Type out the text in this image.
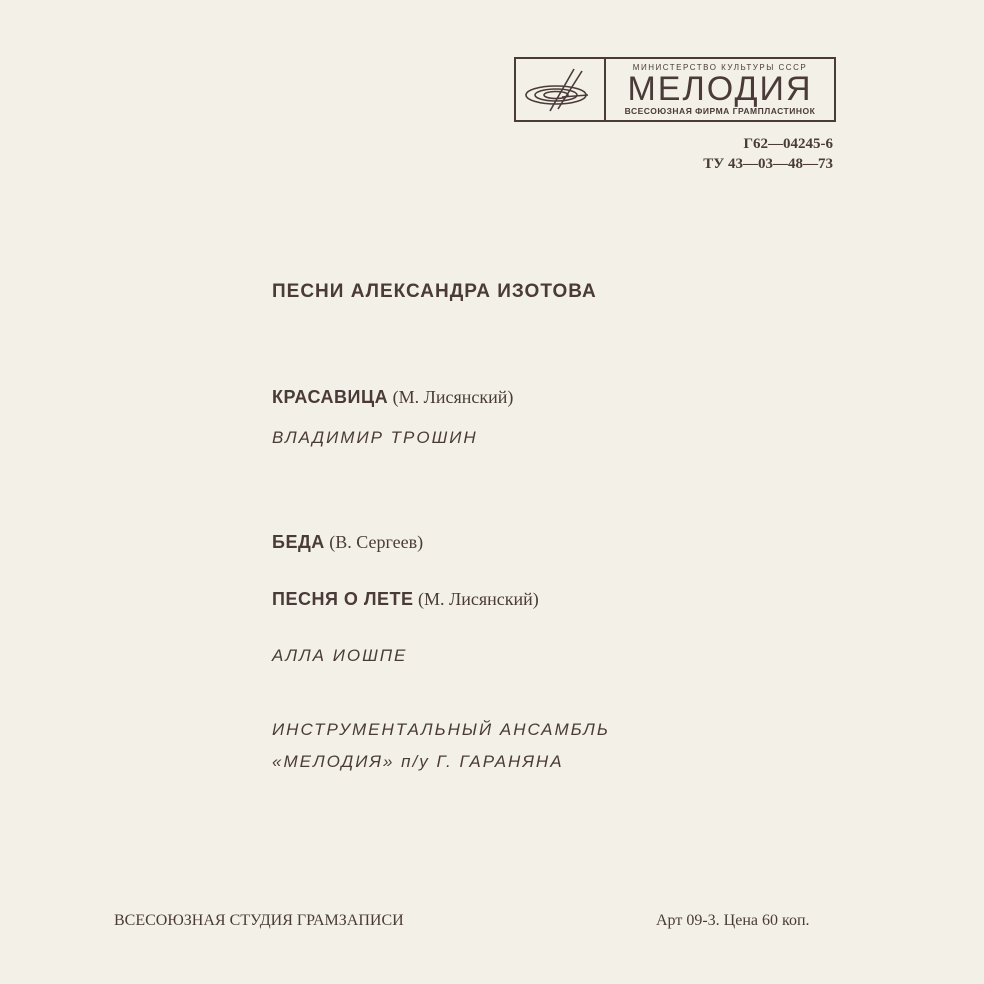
МИНИСТЕРСТВО КУЛЬТУРЫ СССР
МЕЛОДИЯ
ВСЕСОЮЗНАЯ ФИРМА ГРАМПЛАСТИНОК
Г62—04245-6
ТУ 43—03—48—73
ПЕСНИ АЛЕКСАНДРА ИЗОТОВА
КРАСАВИЦА (М. Лисянский)
ВЛАДИМИР ТРОШИН
БЕДА (В. Сергеев)
ПЕСНЯ О ЛЕТЕ (М. Лисянский)
АЛЛА ИОШПЕ
ИНСТРУМЕНТАЛЬНЫЙ АНСАМБЛЬ
«МЕЛОДИЯ» п/у Г. ГАРАНЯНА
ВСЕСОЮЗНАЯ СТУДИЯ ГРАМЗАПИСИ	Арт 09-3. Цена 60 коп.
